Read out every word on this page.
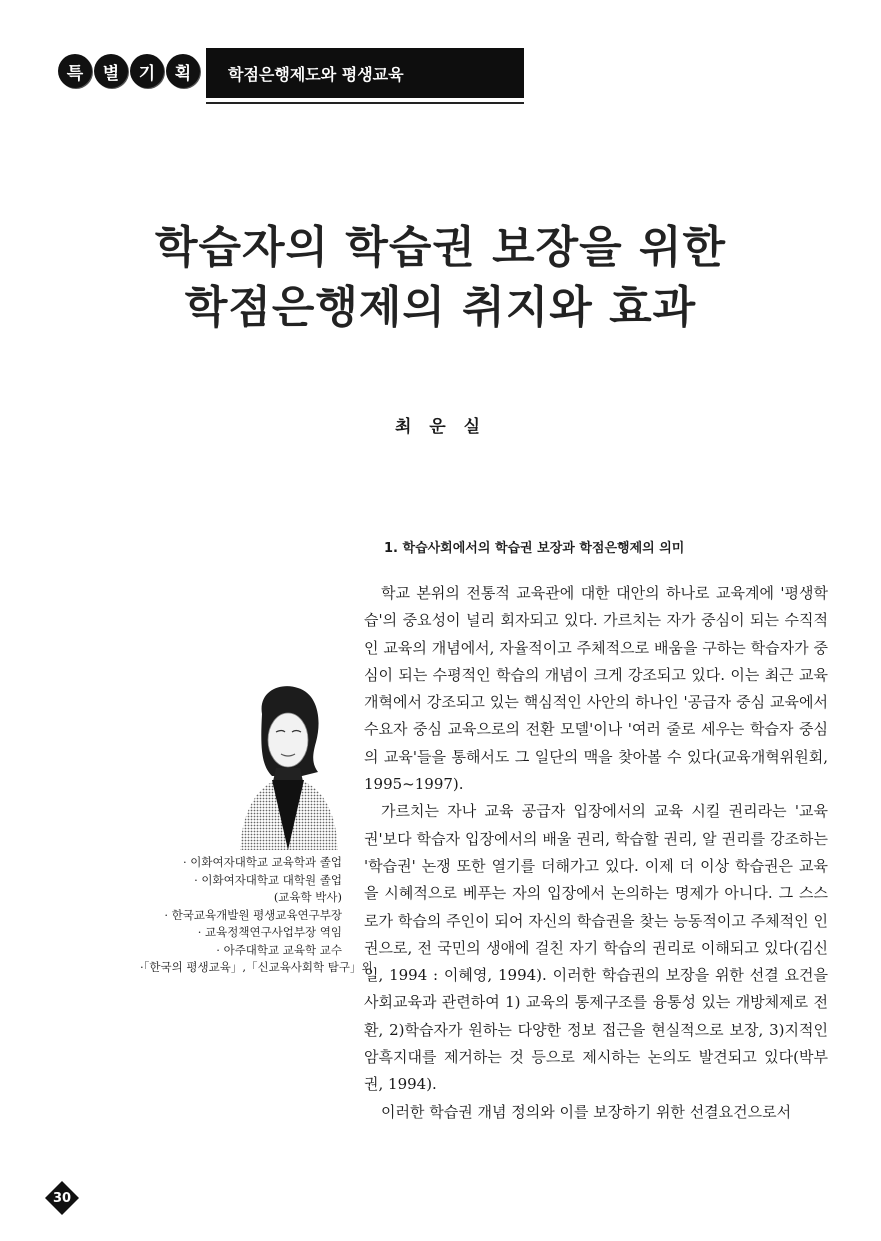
특	별	기	획	학점은행제도와 평생교육
학습자의 학습권 보장을 위한
학점은행제의 취지와 효과
최 운 실
1. 학습사회에서의 학습권 보장과 학점은행제의 의미

학교 본위의 전통적 교육관에 대한 대안의 하나로 교육계에 '평생학습'의 중요성이 널리 회자되고 있다. 가르치는 자가 중심이 되는 수직적인 교육의 개념에서, 자율적이고 주체적으로 배움을 구하는 학습자가 중심이 되는 수평적인 학습의 개념이 크게 강조되고 있다. 이는 최근 교육개혁에서 강조되고 있는 핵심적인 사안의 하나인 '공급자 중심 교육에서 수요자 중심 교육으로의 전환 모델'이나 '여러 줄로 세우는 학습자 중심의 교육'들을 통해서도 그 일단의 맥을 찾아볼 수 있다(교육개혁위원회, 1995~1997).

가르치는 자나 교육 공급자 입장에서의 교육 시킬 권리라는 '교육권'보다 학습자 입장에서의 배울 권리, 학습할 권리, 알 권리를 강조하는 '학습권' 논쟁 또한 열기를 더해가고 있다. 이제 더 이상 학습권은 교육을 시혜적으로 베푸는 자의 입장에서 논의하는 명제가 아니다. 그 스스로가 학습의 주인이 되어 자신의 학습권을 찾는 능동적이고 주체적인 인권으로, 전 국민의 생애에 걸친 자기 학습의 권리로 이해되고 있다(김신일, 1994 : 이혜영, 1994). 이러한 학습권의 보장을 위한 선결 요건을 사회교육과 관련하여 1) 교육의 통제구조를 융통성 있는 개방체제로 전환, 2)학습자가 원하는 다양한 정보 접근을 현실적으로 보장, 3)지적인 암흑지대를 제거하는 것 등으로 제시하는 논의도 발견되고 있다(박부권, 1994).

이러한 학습권 개념 정의와 이를 보장하기 위한 선결요건으로서

· 이화여자대학교 교육학과 졸업
· 이화여자대학교 대학원 졸업
(교육학 박사)
· 한국교육개발원 평생교육연구부장
· 교육정책연구사업부장 역임
· 아주대학교 교육학 교수
·「한국의 평생교육」,「신교육사회학 탐구」외
30
